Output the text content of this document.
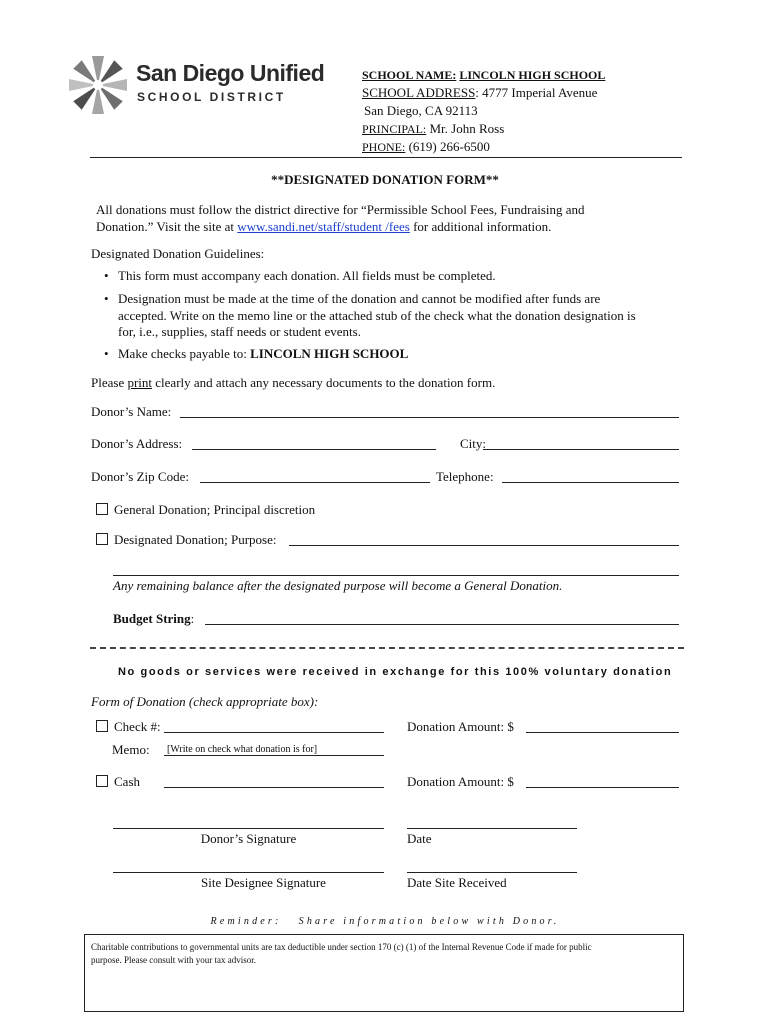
San Diego Unified
SCHOOL DISTRICT
SCHOOL NAME: LINCOLN HIGH SCHOOL
SCHOOL ADDRESS: 4777 Imperial Avenue
San Diego, CA 92113
PRINCIPAL: Mr. John Ross
PHONE: (619) 266-6500
**DESIGNATED DONATION FORM**
All donations must follow the district directive for “Permissible School Fees, Fundraising and
Donation.” Visit the site at www.sandi.net/staff/student /fees for additional information.
Designated Donation Guidelines:
• This form must accompany each donation. All fields must be completed.
• Designation must be made at the time of the donation and cannot be modified after funds are
accepted. Write on the memo line or the attached stub of the check what the donation designation is
for, i.e., supplies, staff needs or student events.
• Make checks payable to: LINCOLN HIGH SCHOOL
Please print clearly and attach any necessary documents to the donation form.
Donor’s Name:
Donor’s Address:	City:
Donor’s Zip Code:	Telephone:
General Donation; Principal discretion
Designated Donation; Purpose:
Any remaining balance after the designated purpose will become a General Donation.
Budget String:
No goods or services were received in exchange for this 100% voluntary donation
Form of Donation (check appropriate box):
Check #:	Donation Amount: $
Memo: [Write on check what donation is for]
Cash	Donation Amount: $
Donor’s Signature	Date
Site Designee Signature	Date Site Received
Reminder:   Share information below with Donor.
Charitable contributions to governmental units are tax deductible under section 170 (c) (1) of the Internal Revenue Code if made for public
purpose. Please consult with your tax advisor.
